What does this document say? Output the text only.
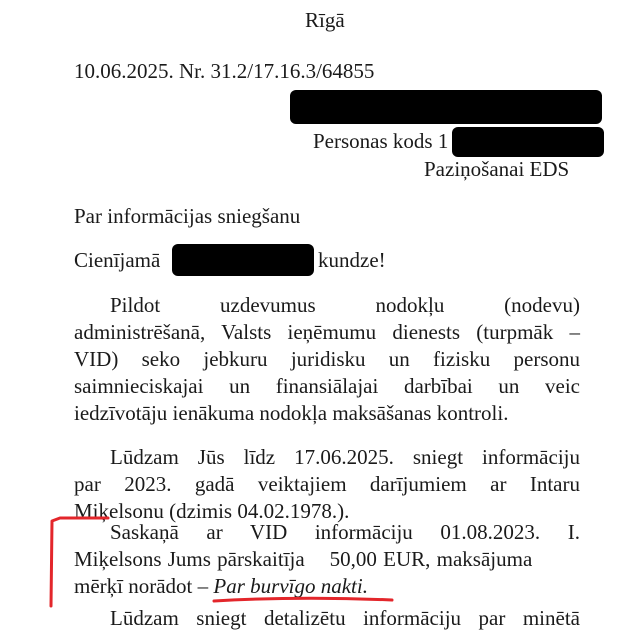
Rīgā
10.06.2025. Nr. 31.2/17.16.3/64855
Personas kods 1
Paziņošanai EDS
Par informācijas sniegšanu
Cienījamā	kundze!
Pildot uzdevumus nodokļu (nodevu)
administrēšanā, Valsts ieņēmumu dienests (turpmāk –
VID) seko jebkuru juridisku un fizisku personu
saimnieciskajai un finansiālajai darbībai un veic
iedzīvotāju ienākuma nodokļa maksāšanas kontroli.
Lūdzam Jūs līdz 17.06.2025. sniegt informāciju
par 2023. gadā veiktajiem darījumiem ar Intaru
Miķelsonu (dzimis 04.02.1978.).
Saskaņā ar VID informāciju 01.08.2023. I.
Miķelsons Jums pārskaitīja    50,00 EUR, maksājuma
mērķī norādot – Par burvīgo nakti.
Lūdzam sniegt detalizētu informāciju par minētā
